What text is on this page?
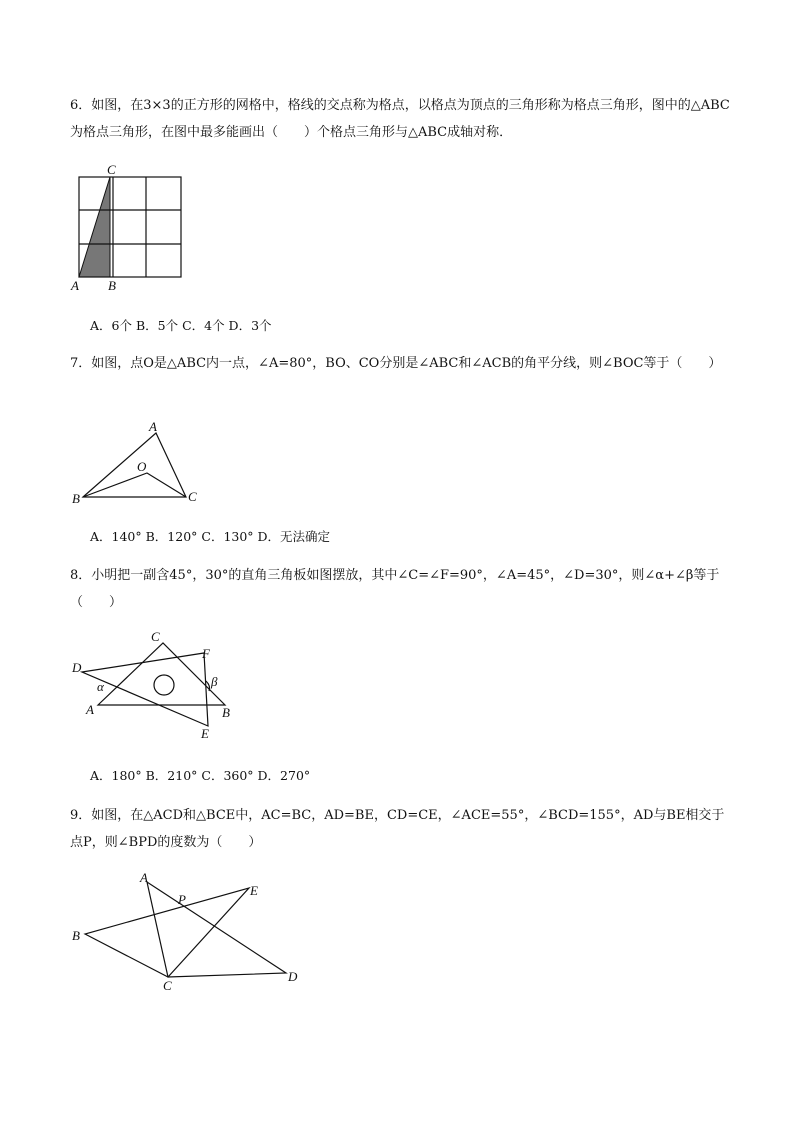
6．如图，在3×3的正方形的网格中，格线的交点称为格点，以格点为顶点的三角形称为格点三角形，图中的△ABC为格点三角形，在图中最多能画出（　　）个格点三角形与△ABC成轴对称．
C
A B
A．6个 B．5个 C．4个 D．3个
7．如图，点O是△ABC内一点，∠A=80°，BO、CO分别是∠ABC和∠ACB的角平分线，则∠BOC等于（　　）
A
O
B	C
A．140° B．120° C．130° D．无法确定
8．小明把一副含45°，30°的直角三角板如图摆放，其中∠C=∠F=90°，∠A=45°，∠D=30°，则∠α+∠β等于（　　）
C
F
D
α	β
A	B
E
A．180° B．210° C．360° D．270°
9．如图，在△ACD和△BCE中，AC=BC，AD=BE，CD=CE，∠ACE=55°，∠BCD=155°，AD与BE相交于点P，则∠BPD的度数为（　　）
A
P
E
B
C
D
